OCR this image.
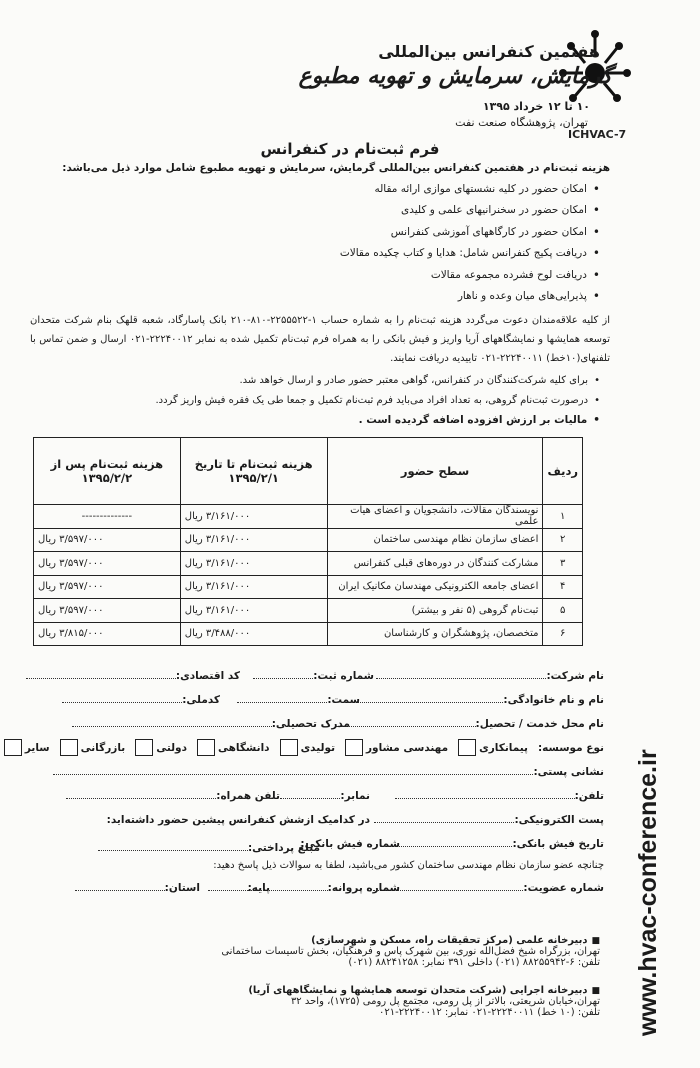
ICHVAC-7
هفتمین کنفرانس بین‌المللی
گرمایش، سرمایش و تهویه مطبوع
۱۰ تا ۱۲ خرداد ۱۳۹۵
تهران، پژوهشگاه صنعت نفت
فرم ثبت‌نام در کنفرانس
هزینه ثبت‌نام در هفتمین کنفرانس بین‌المللی گرمایش، سرمایش و تهویه مطبوع شامل موارد ذیل می‌باشد:
• امکان حضور در کلیه نشستهای موازی ارائه مقاله
• امکان حضور در سخنرانیهای علمی و کلیدی
• امکان حضور در کارگاههای آموزشی کنفرانس
• دریافت پکیج کنفرانس شامل: هدایا و کتاب چکیده مقالات
• دریافت لوح فشرده مجموعه مقالات
• پذیرایی‌های میان وعده و ناهار
از کلیه علاقه‌مندان دعوت می‌گردد هزینه ثبت‌نام را به شماره حساب ۱-۲۲۵۵۵۲۲-۸۱۰-۲۱۰ بانک پاسارگاد، شعبه قلهک بنام شرکت متحدان توسعه همایشها و نمایشگاههای آریا واریز و فیش بانکی را به همراه فرم ثبت‌نام تکمیل شده به نمابر ۲۲۲۴۰۰۱۲-۰۲۱ ارسال و ضمن تماس با تلفنهای(۱۰خط) ۲۲۲۴۰۰۱۱-۰۲۱ تاییدیه دریافت نمایند.
• برای کلیه شرکت‌کنندگان در کنفرانس، گواهی معتبر حضور صادر و ارسال خواهد شد.
• درصورت ثبت‌نام گروهی، به تعداد افراد می‌باید فرم ثبت‌نام تکمیل و جمعا طی یک فقره فیش واریز گردد.
• مالیات بر ارزش افزوده اضافه گردیده است .
ردیف	سطح حضور	هزینه ثبت‌نام تا تاریخ ۱۳۹۵/۲/۱	هزینه ثبت‌نام پس از ۱۳۹۵/۲/۲
۱	نویسندگان مقالات، دانشجویان و اعضای هیات علمی	۳/۱۶۱/۰۰۰ ریال	--------------
۲	اعضای سازمان نظام مهندسی ساختمان	۳/۱۶۱/۰۰۰ ریال	۳/۵۹۷/۰۰۰ ریال
۳	مشارکت کنندگان در دوره‌های قبلی کنفرانس	۳/۱۶۱/۰۰۰ ریال	۳/۵۹۷/۰۰۰ ریال
۴	اعضای جامعه الکترونیکی مهندسان مکانیک ایران	۳/۱۶۱/۰۰۰ ریال	۳/۵۹۷/۰۰۰ ریال
۵	ثبت‌نام گروهی (۵ نفر و بیشتر)	۳/۱۶۱/۰۰۰ ریال	۳/۵۹۷/۰۰۰ ریال
۶	متخصصان، پژوهشگران و کارشناسان	۳/۴۸۸/۰۰۰ ریال	۳/۸۱۵/۰۰۰ ریال
نام شرکت:
شماره ثبت:
کد اقتصادی:
نام و نام خانوادگی:
سمت:
کدملی:
نام محل خدمت / تحصیل:
مدرک تحصیلی:
نوع موسسه:
پیمانکاری
مهندسی مشاور
تولیدی
دانشگاهی
دولتی
بازرگانی
سایر
نشانی پستی:
تلفن:
نمابر:
تلفن همراه:
پست الکترونیکی:
در کدامیک ازشش کنفرانس پیشین حضور داشته‌اید:
تاریخ فیش بانکی:
شماره فیش بانکی:
مبلغ پرداختی:
چنانچه عضو سازمان نظام مهندسی ساختمان کشور می‌باشید، لطفا به سوالات ذیل پاسخ دهید:
شماره عضویت:
شماره پروانه:
پایه:
استان:
■ دبیرخانه علمی (مرکز تحقیقات راه، مسکن و شهرسازی)
تهران، بزرگراه شیخ فضل‌الله نوری، بین شهرک پاس و فرهنگیان، بخش تاسیسات ساختمانی
تلفن: ۶-۸۸۲۵۵۹۴۲ (۰۲۱) داخلی ۳۹۱ نمابر: ۸۸۲۴۱۲۵۸ (۰۲۱)
■ دبیرخانه اجرایی (شرکت متحدان توسعه همایشها و نمایشگاههای آریا)
تهران،خیابان شریعتی، بالاتر از پل رومی، مجتمع پل رومی (۱۷۲۵)، واحد ۳۲
تلفن: (۱۰ خط) ۲۲۲۴۰۰۱۱-۰۲۱ نمابر: ۲۲۲۴۰۰۱۲-۰۲۱ www.hvac-conference.ir
